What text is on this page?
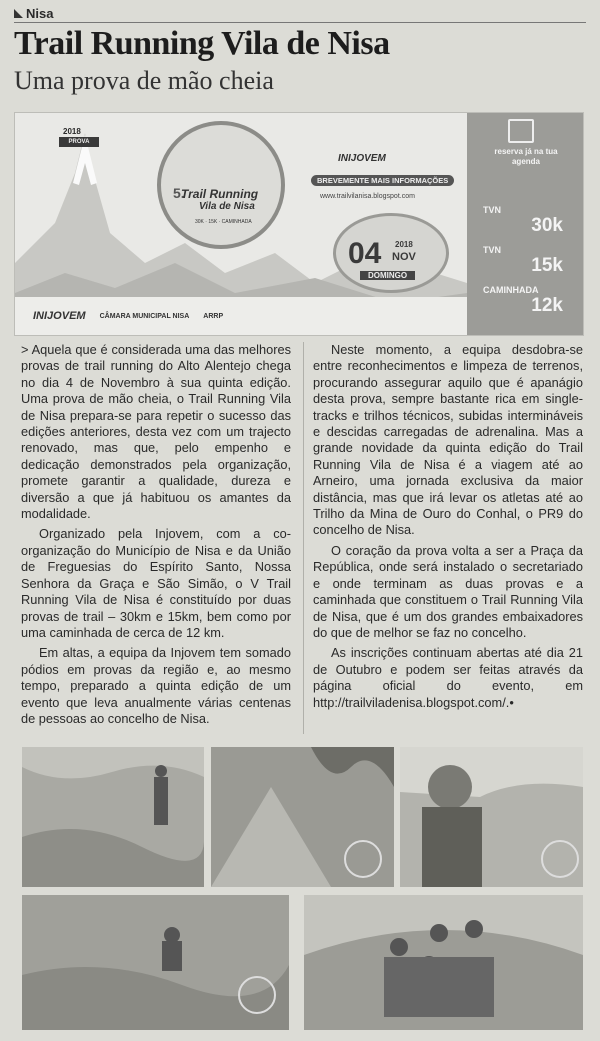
Nisa
Trail Running Vila de Nisa
Uma prova de mão cheia
2018
PROVA
5.
Trail Running
Vila de Nisa
30K · 15K · CAMINHADA
INIJOVEM
BREVEMENTE MAIS INFORMAÇÕES
www.trailvilanisa.blogspot.com
04 2018
NOV
DOMINGO
reserva já na tua agenda
TVN
30k
TVN
15k
CAMINHADA
12k
INIJOVEM CÂMARA MUNICIPAL NISA ARRP

> Aquela que é considerada uma das melhores provas de trail running do Alto Alentejo chega no dia 4 de Novembro à sua quinta edição. Uma prova de mão cheia, o Trail Running Vila de Nisa prepara-se para repetir o sucesso das edições anteriores, desta vez com um trajecto renovado, mas que, pelo empenho e dedicação demonstrados pela organização, promete garantir a qualidade, dureza e diversão a que já habituou os amantes da modalidade.

Organizado pela Injovem, com a co-organização do Município de Nisa e da União de Freguesias do Espírito Santo, Nossa Senhora da Graça e São Simão, o V Trail Running Vila de Nisa é constituído por duas provas de trail – 30km e 15km, bem como por uma caminhada de cerca de 12 km.

Em altas, a equipa da Injovem tem somado pódios em provas da região e, ao mesmo tempo, preparado a quinta edição de um evento que leva anualmente várias centenas de pessoas ao concelho de Nisa.

Neste momento, a equipa desdobra-se entre reconhecimentos e limpeza de terrenos, procurando assegurar aquilo que é apanágio desta prova, sempre bastante rica em single-tracks e trilhos técnicos, subidas intermináveis e descidas carregadas de adrenalina. Mas a grande novidade da quinta edição do Trail Running Vila de Nisa é a viagem até ao Arneiro, uma jornada exclusiva da maior distância, mas que irá levar os atletas até ao Trilho da Mina de Ouro do Conhal, o PR9 do concelho de Nisa.

O coração da prova volta a ser a Praça da República, onde será instalado o secretariado e onde terminam as duas provas e a caminhada que constituem o Trail Running Vila de Nisa, que é um dos grandes embaixadores do que de melhor se faz no concelho.

As inscrições continuam abertas até dia 21 de Outubro e podem ser feitas através da página oficial do evento, em http://trailviladenisa.blogspot.com/.•
